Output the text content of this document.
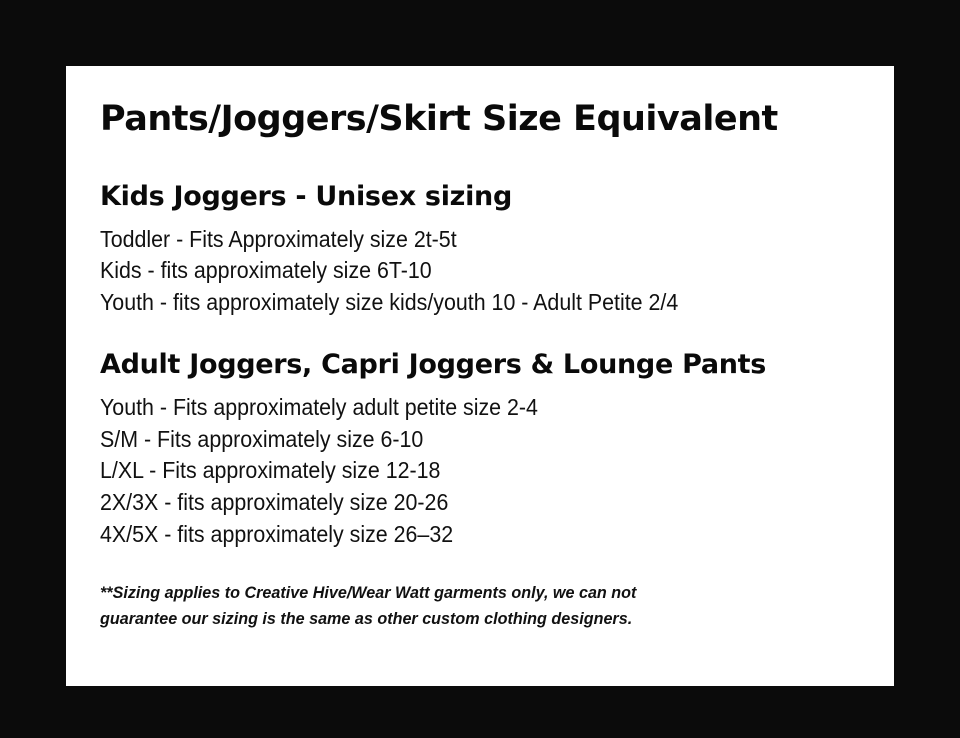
Pants/Joggers/Skirt Size Equivalent
Kids Joggers - Unisex sizing

Toddler - Fits Approximately size 2t-5t

Kids - fits approximately size 6T-10

Youth - fits approximately size kids/youth 10 - Adult Petite 2/4

Adult Joggers, Capri Joggers & Lounge Pants

Youth - Fits approximately adult petite size 2-4

S/M - Fits approximately size 6-10

L/XL - Fits approximately size 12-18

2X/3X - fits approximately size 20-26

4X/5X - fits approximately size 26–32

**Sizing applies to Creative Hive/Wear Watt garments only, we can not

guarantee our sizing is the same as other custom clothing designers.
